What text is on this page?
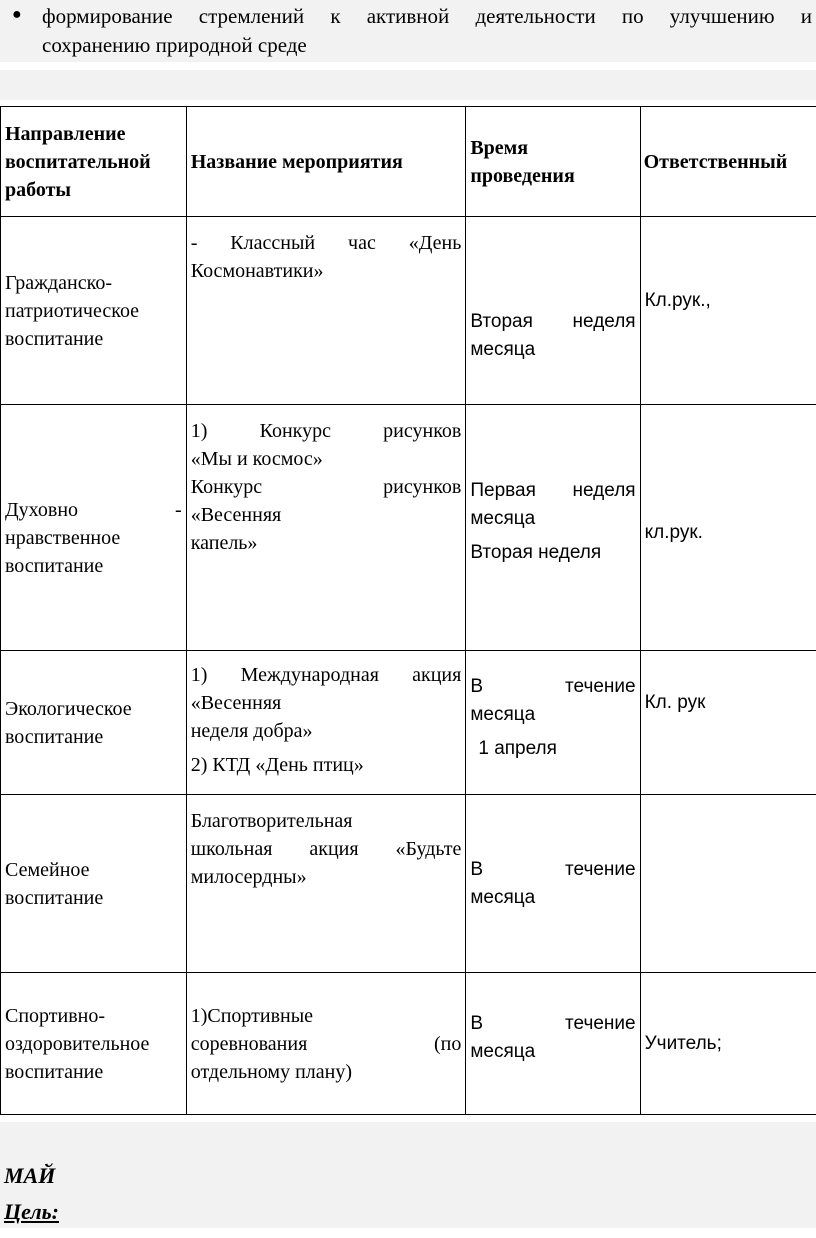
● формирование стремлений к активной деятельности по улучшению и
сохранению природной среде
Направление воспитательной работы	Название мероприятия	Время проведения	Ответственный

Гражданско-
патриотическое
воспитание	- Классный час «День
Космонавтики»	Вторая неделя
месяца	Кл.рук.,

Духовно -
нравственное
воспитание	1) Конкурс рисунков
«Мы и космос»
Конкурс рисунков
«Весенняя
капель»	Первая неделя
месяца
Вторая неделя	кл.рук.

Экологическое
воспитание	1) Международная акция
«Весенняя
неделя добра»
2) КТД «День птиц»	В течение
месяца
1 апреля	Кл. рук

Семейное
воспитание	Благотворительная
школьная акция «Будьте
милосердны»	В течение
месяца	

Спортивно-
оздоровительное
воспитание	1)Спортивные
соревнования (по
отдельному плану)	В течение
месяца	Учитель;
МАЙ
Цель:
